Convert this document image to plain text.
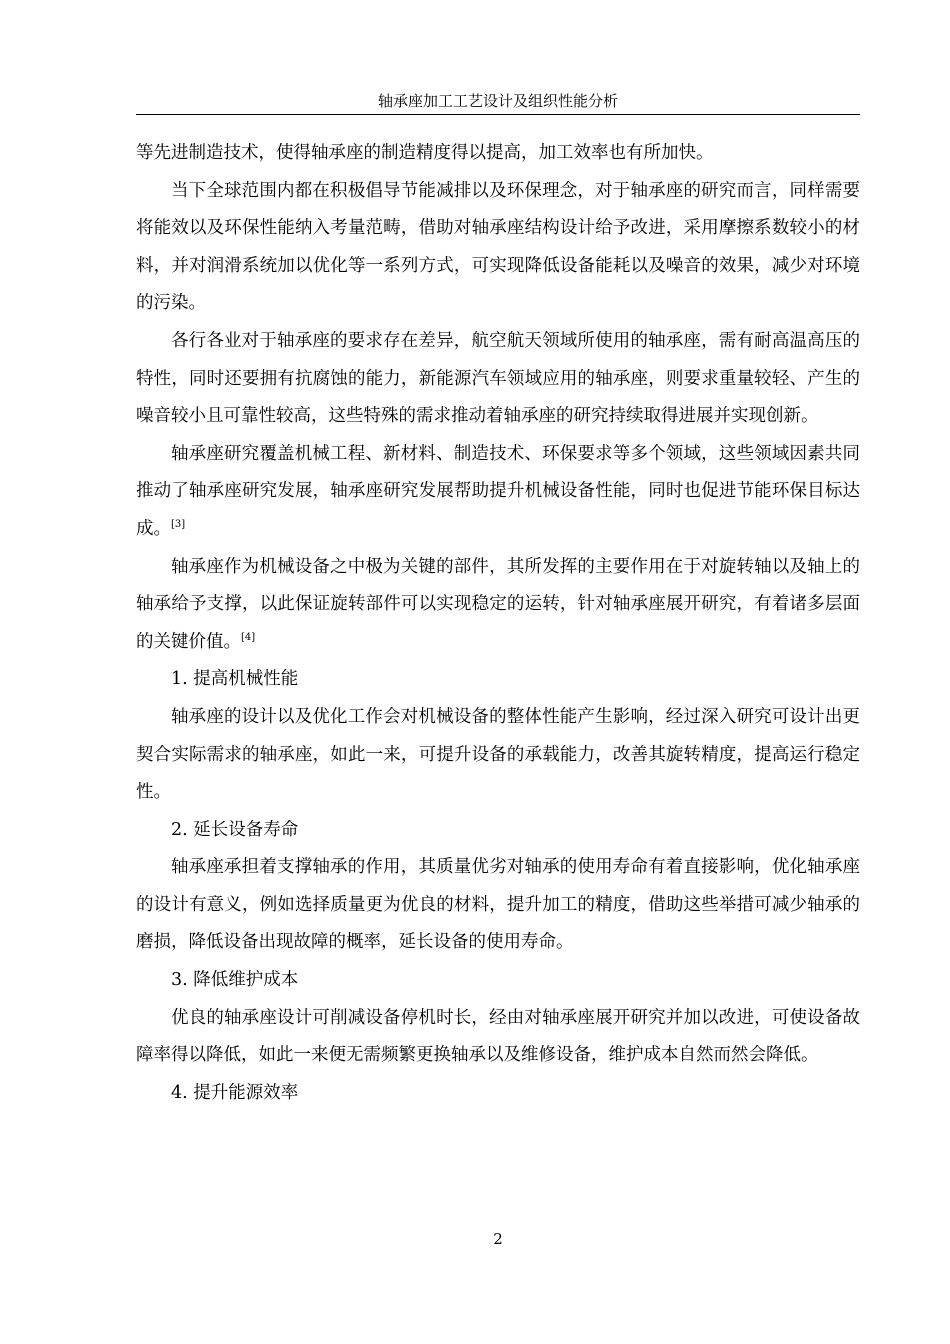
轴承座加工工艺设计及组织性能分析

等先进制造技术，使得轴承座的制造精度得以提高，加工效率也有所加快。

当下全球范围内都在积极倡导节能减排以及环保理念，对于轴承座的研究而言，同样需要将能效以及环保性能纳入考量范畴，借助对轴承座结构设计给予改进，采用摩擦系数较小的材料，并对润滑系统加以优化等一系列方式，可实现降低设备能耗以及噪音的效果，减少对环境的污染。

各行各业对于轴承座的要求存在差异，航空航天领域所使用的轴承座，需有耐高温高压的特性，同时还要拥有抗腐蚀的能力，新能源汽车领域应用的轴承座，则要求重量较轻、产生的噪音较小且可靠性较高，这些特殊的需求推动着轴承座的研究持续取得进展并实现创新。

轴承座研究覆盖机械工程、新材料、制造技术、环保要求等多个领域，这些领域因素共同推动了轴承座研究发展，轴承座研究发展帮助提升机械设备性能，同时也促进节能环保目标达成。[3]

轴承座作为机械设备之中极为关键的部件，其所发挥的主要作用在于对旋转轴以及轴上的轴承给予支撑，以此保证旋转部件可以实现稳定的运转，针对轴承座展开研究，有着诸多层面的关键价值。[4]

1. 提高机械性能

轴承座的设计以及优化工作会对机械设备的整体性能产生影响，经过深入研究可设计出更契合实际需求的轴承座，如此一来，可提升设备的承载能力，改善其旋转精度，提高运行稳定性。

2. 延长设备寿命

轴承座承担着支撑轴承的作用，其质量优劣对轴承的使用寿命有着直接影响，优化轴承座的设计有意义，例如选择质量更为优良的材料，提升加工的精度，借助这些举措可减少轴承的磨损，降低设备出现故障的概率，延长设备的使用寿命。

3. 降低维护成本

优良的轴承座设计可削减设备停机时长，经由对轴承座展开研究并加以改进，可使设备故障率得以降低，如此一来便无需频繁更换轴承以及维修设备，维护成本自然而然会降低。

4. 提升能源效率

2
